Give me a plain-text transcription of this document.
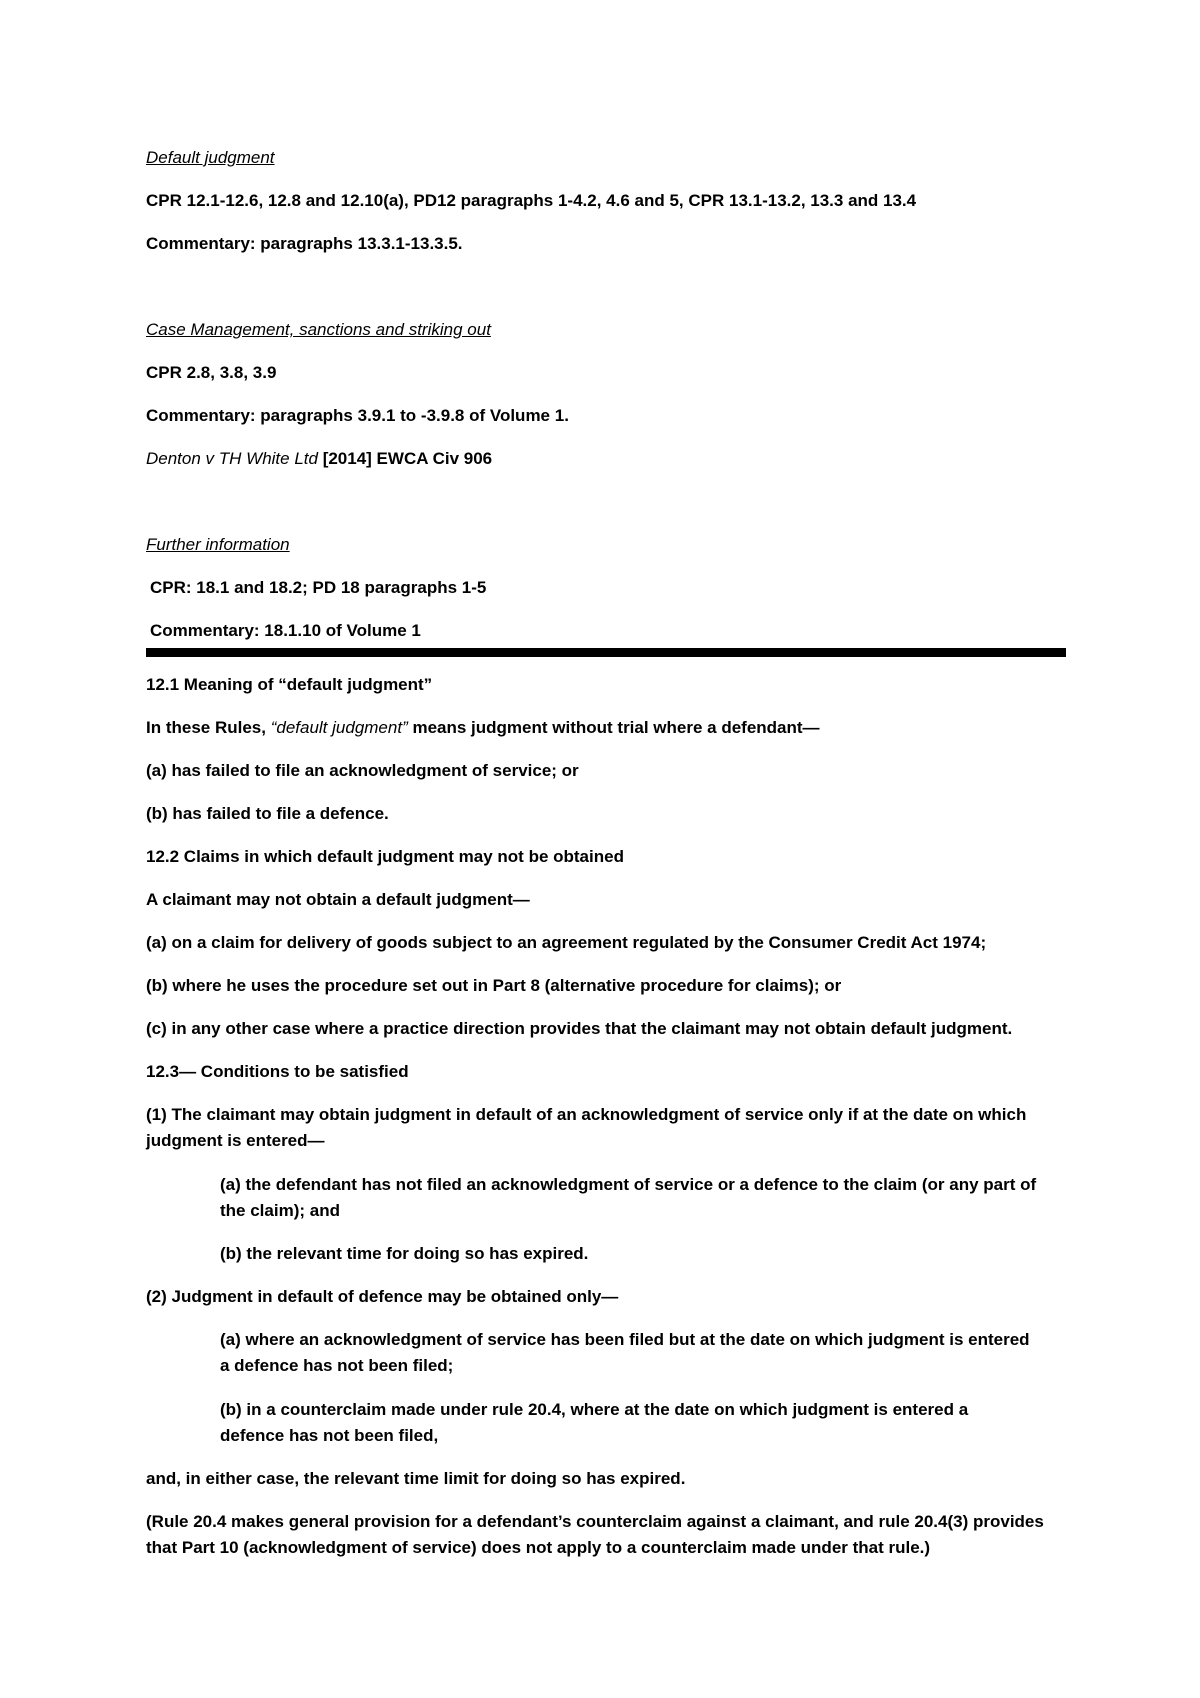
Default judgment
CPR 12.1-12.6, 12.8 and 12.10(a), PD12 paragraphs 1-4.2, 4.6 and 5, CPR 13.1-13.2, 13.3 and 13.4
Commentary: paragraphs 13.3.1-13.3.5.
Case Management, sanctions and striking out
CPR 2.8, 3.8, 3.9
Commentary: paragraphs 3.9.1 to -3.9.8 of Volume 1.
Denton v TH White Ltd [2014] EWCA Civ 906
Further information
CPR: 18.1 and 18.2; PD 18 paragraphs 1-5
Commentary: 18.1.10 of Volume 1
12.1 Meaning of “default judgment”
In these Rules, “default judgment” means judgment without trial where a defendant—
(a) has failed to file an acknowledgment of service; or
(b) has failed to file a defence.
12.2 Claims in which default judgment may not be obtained
A claimant may not obtain a default judgment—
(a) on a claim for delivery of goods subject to an agreement regulated by the Consumer Credit Act 1974;
(b) where he uses the procedure set out in Part 8 (alternative procedure for claims); or
(c) in any other case where a practice direction provides that the claimant may not obtain default judgment.
12.3— Conditions to be satisfied
(1) The claimant may obtain judgment in default of an acknowledgment of service only if at the date on which
judgment is entered—
(a) the defendant has not filed an acknowledgment of service or a defence to the claim (or any part of
the claim); and
(b) the relevant time for doing so has expired.
(2) Judgment in default of defence may be obtained only—
(a) where an acknowledgment of service has been filed but at the date on which judgment is entered
a defence has not been filed;
(b) in a counterclaim made under rule 20.4, where at the date on which judgment is entered a
defence has not been filed,
and, in either case, the relevant time limit for doing so has expired.
(Rule 20.4 makes general provision for a defendant’s counterclaim against a claimant, and rule 20.4(3) provides
that Part 10 (acknowledgment of service) does not apply to a counterclaim made under that rule.)
